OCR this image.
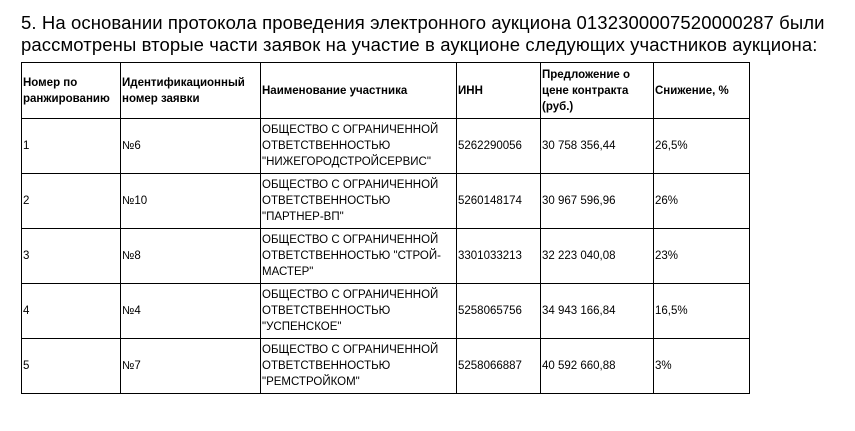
5. На основании протокола проведения электронного аукциона 0132300007520000287 были рассмотрены вторые части заявок на участие в аукционе следующих участников аукциона:
Номер по ранжированию	Идентификационный номер заявки	Наименование участника	ИНН	Предложение о цене контракта (руб.)	Снижение, %
1	№6	ОБЩЕСТВО С ОГРАНИЧЕННОЙ ОТВЕТСТВЕННОСТЬЮ "НИЖЕГОРОДСТРОЙСЕРВИС"	5262290056	30 758 356,44	26,5%
2	№10	ОБЩЕСТВО С ОГРАНИЧЕННОЙ ОТВЕТСТВЕННОСТЬЮ "ПАРТНЕР-ВП"	5260148174	30 967 596,96	26%
3	№8	ОБЩЕСТВО С ОГРАНИЧЕННОЙ ОТВЕТСТВЕННОСТЬЮ "СТРОЙ-МАСТЕР"	3301033213	32 223 040,08	23%
4	№4	ОБЩЕСТВО С ОГРАНИЧЕННОЙ ОТВЕТСТВЕННОСТЬЮ "УСПЕНСКОЕ"	5258065756	34 943 166,84	16,5%
5	№7	ОБЩЕСТВО С ОГРАНИЧЕННОЙ ОТВЕТСТВЕННОСТЬЮ "РЕМСТРОЙКОМ"	5258066887	40 592 660,88	3%
